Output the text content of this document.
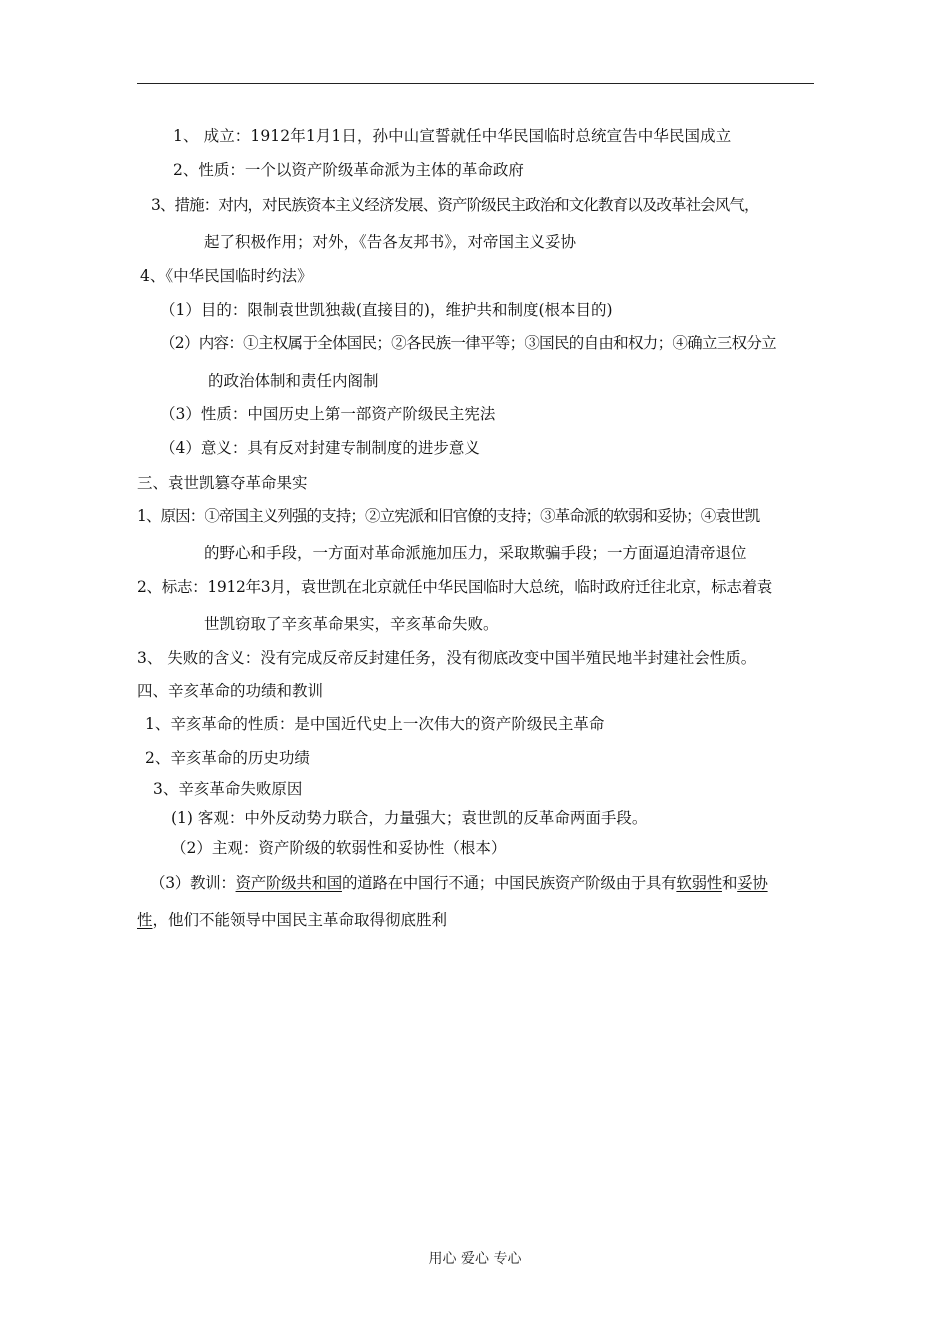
1、 成立：1912年1月1日，孙中山宣誓就任中华民国临时总统宣告中华民国成立
2、性质：一个以资产阶级革命派为主体的革命政府
3、措施：对内，对民族资本主义经济发展、资产阶级民主政治和文化教育以及改革社会风气，
起了积极作用；对外，《告各友邦书》，对帝国主义妥协
4、《中华民国临时约法》
（1）目的：限制袁世凯独裁(直接目的)，维护共和制度(根本目的)
（2）内容：①主权属于全体国民；②各民族一律平等；③国民的自由和权力；④确立三权分立
的政治体制和责任内阁制
（3）性质：中国历史上第一部资产阶级民主宪法
（4）意义：具有反对封建专制制度的进步意义
三、袁世凯篡夺革命果实
1、原因：①帝国主义列强的支持；②立宪派和旧官僚的支持；③革命派的软弱和妥协；④袁世凯
的野心和手段，一方面对革命派施加压力，采取欺骗手段；一方面逼迫清帝退位
2、标志：1912年3月，袁世凯在北京就任中华民国临时大总统，临时政府迁往北京，标志着袁
世凯窃取了辛亥革命果实，辛亥革命失败。
3、 失败的含义：没有完成反帝反封建任务，没有彻底改变中国半殖民地半封建社会性质。
四、辛亥革命的功绩和教训
1、辛亥革命的性质：是中国近代史上一次伟大的资产阶级民主革命
2、辛亥革命的历史功绩
3、辛亥革命失败原因
(1) 客观：中外反动势力联合，力量强大；袁世凯的反革命两面手段。
（2）主观：资产阶级的软弱性和妥协性（根本）
（3）教训：资产阶级共和国的道路在中国行不通；中国民族资产阶级由于具有软弱性和妥协
性，他们不能领导中国民主革命取得彻底胜利
用心 爱心 专心
